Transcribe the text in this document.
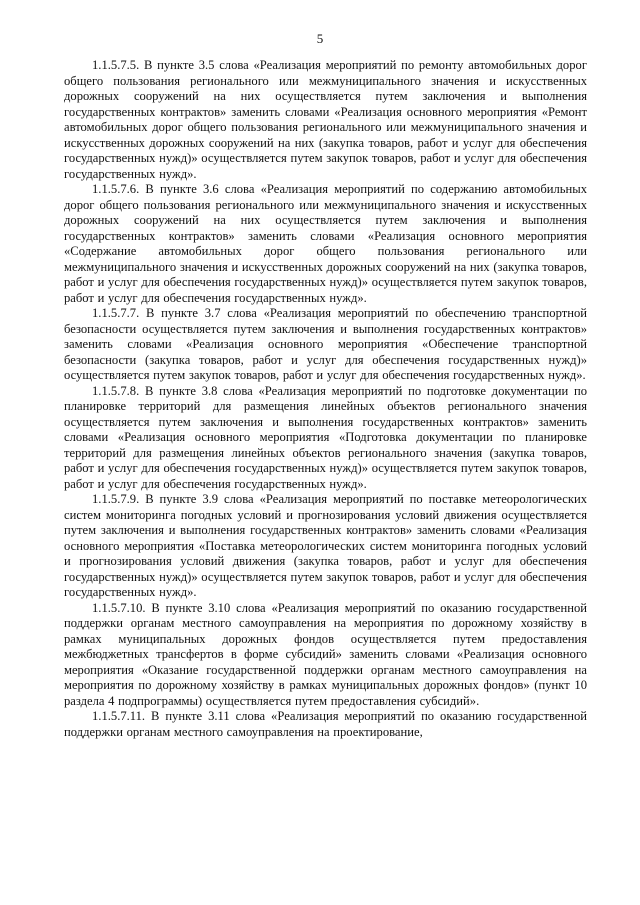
5

1.1.5.7.5. В пункте 3.5 слова «Реализация мероприятий по ремонту автомобильных дорог общего пользования регионального или межмуниципального значения и искусственных дорожных сооружений на них осуществляется путем заключения и выполнения государственных контрактов» заменить словами «Реализация основного мероприятия «Ремонт автомобильных дорог общего пользования регионального или межмуниципального значения и искусственных дорожных сооружений на них (закупка товаров, работ и услуг для обеспечения государственных нужд)» осуществляется путем закупок товаров, работ и услуг для обеспечения государственных нужд».

1.1.5.7.6. В пункте 3.6 слова «Реализация мероприятий по содержанию автомобильных дорог общего пользования регионального или межмуниципального значения и искусственных дорожных сооружений на них осуществляется путем заключения и выполнения государственных контрактов» заменить словами «Реализация основного мероприятия «Содержание автомобильных дорог общего пользования регионального или межмуниципального значения и искусственных дорожных сооружений на них (закупка товаров, работ и услуг для обеспечения государственных нужд)» осуществляется путем закупок товаров, работ и услуг для обеспечения государственных нужд».

1.1.5.7.7. В пункте 3.7 слова «Реализация мероприятий по обеспечению транспортной безопасности осуществляется путем заключения и выполнения государственных контрактов» заменить словами «Реализация основного мероприятия «Обеспечение транспортной безопасности (закупка товаров, работ и услуг для обеспечения государственных нужд)» осуществляется путем закупок товаров, работ и услуг для обеспечения государственных нужд».

1.1.5.7.8. В пункте 3.8 слова «Реализация мероприятий по подготовке документации по планировке территорий для размещения линейных объектов регионального значения осуществляется путем заключения и выполнения государственных контрактов» заменить словами «Реализация основного мероприятия «Подготовка документации по планировке территорий для размещения линейных объектов регионального значения (закупка товаров, работ и услуг для обеспечения государственных нужд)» осуществляется путем закупок товаров, работ и услуг для обеспечения государственных нужд».

1.1.5.7.9. В пункте 3.9 слова «Реализация мероприятий по поставке метеорологических систем мониторинга погодных условий и прогнозирования условий движения осуществляется путем заключения и выполнения государственных контрактов» заменить словами «Реализация основного мероприятия «Поставка метеорологических систем мониторинга погодных условий и прогнозирования условий движения (закупка товаров, работ и услуг для обеспечения государственных нужд)» осуществляется путем закупок товаров, работ и услуг для обеспечения государственных нужд».

1.1.5.7.10. В пункте 3.10 слова «Реализация мероприятий по оказанию государственной поддержки органам местного самоуправления на мероприятия по дорожному хозяйству в рамках муниципальных дорожных фондов осуществляется путем предоставления межбюджетных трансфертов в форме субсидий» заменить словами «Реализация основного мероприятия «Оказание государственной поддержки органам местного самоуправления на мероприятия по дорожному хозяйству в рамках муниципальных дорожных фондов» (пункт 10 раздела 4 подпрограммы) осуществляется путем предоставления субсидий».

1.1.5.7.11. В пункте 3.11 слова «Реализация мероприятий по оказанию государственной поддержки органам местного самоуправления на проектирование,
